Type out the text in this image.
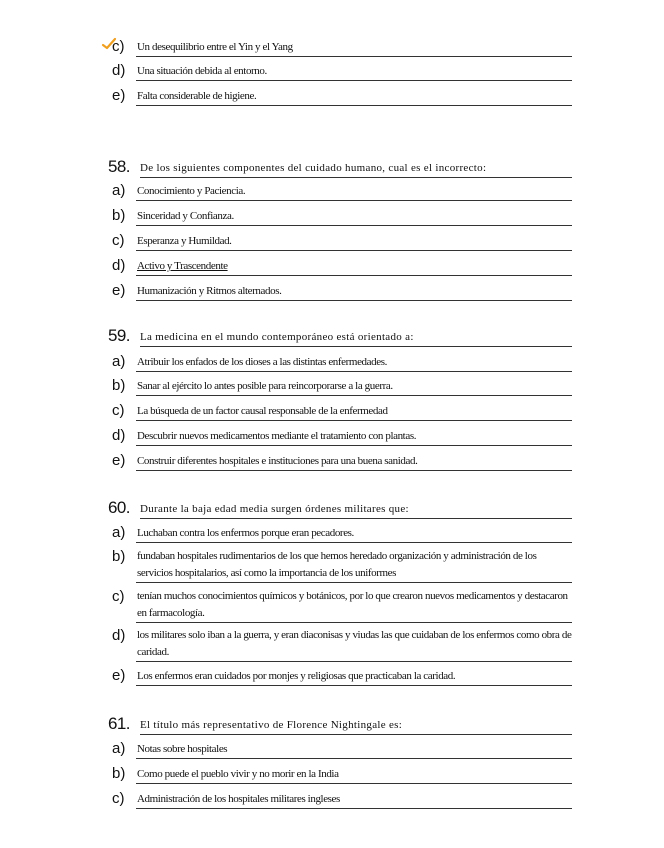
c)	Un desequilibrio entre el Yin y el Yang
d)	Una situación debida al entorno.
e)	Falta considerable de higiene.
58. De los siguientes componentes del cuidado humano, cual es el incorrecto:
a)	Conocimiento y Paciencia.
b)	Sinceridad y Confianza.
c)	Esperanza y Humildad.
d)	Activo y Trascendente
e)	Humanización y Ritmos alternados.
59. La medicina en el mundo contemporáneo está orientado a:
a)	Atribuir los enfados de los dioses a las distintas enfermedades.
b)	Sanar al ejército lo antes posible para reincorporarse a la guerra.
c)	La búsqueda de un factor causal responsable de la enfermedad
d)	Descubrir nuevos medicamentos mediante el tratamiento con plantas.
e)	Construir diferentes hospitales e instituciones para una buena sanidad.
60. Durante la baja edad media surgen órdenes militares que:
a)	Luchaban contra los enfermos porque eran pecadores.
b)	fundaban hospitales rudimentarios de los que hemos heredado organización y administración de los servicios hospitalarios, así como la importancia de los uniformes
c)	tenían muchos conocimientos químicos y botánicos, por lo que crearon nuevos medicamentos y destacaron en farmacología.
d)	los militares solo iban a la guerra, y eran diaconisas y viudas las que cuidaban de los enfermos como obra de caridad.
e)	Los enfermos eran cuidados por monjes y religiosas que practicaban la caridad.
61. El título más representativo de Florence Nightingale es:
a)	Notas sobre hospitales
b)	Como puede el pueblo vivir y no morir en la India
c)	Administración de los hospitales militares ingleses
